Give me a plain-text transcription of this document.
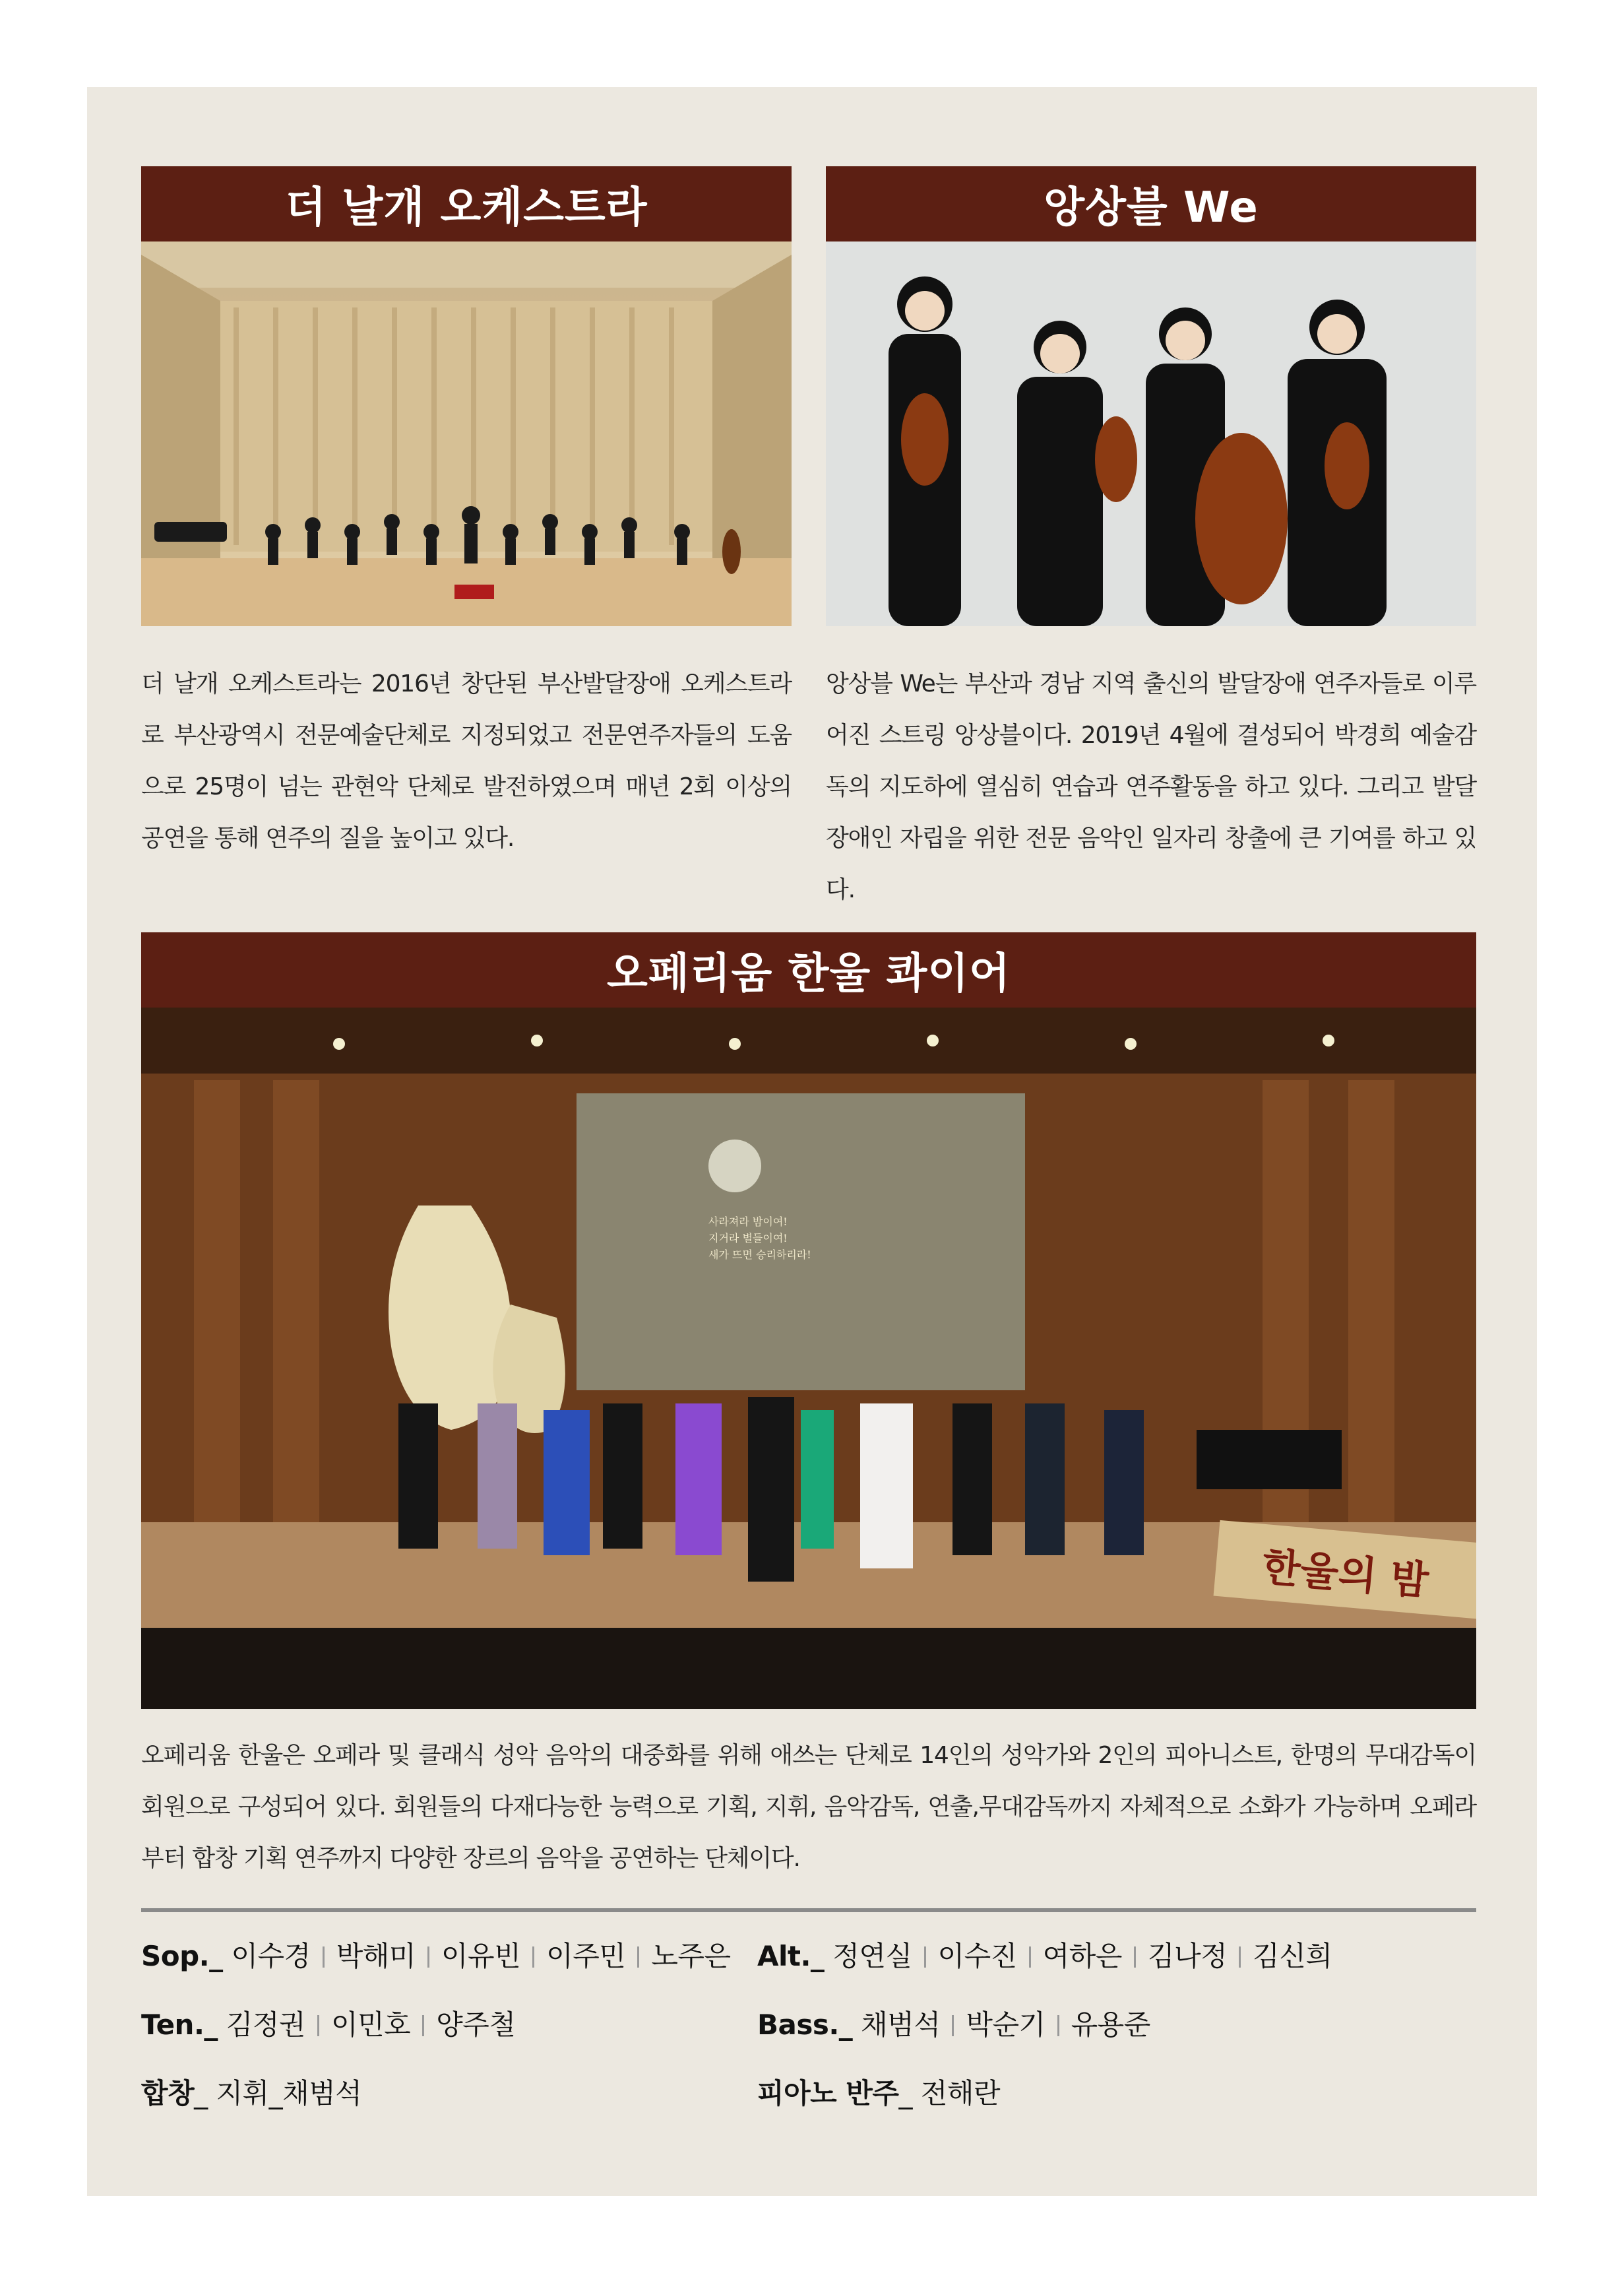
더 날개 오케스트라
더 날개 오케스트라는 2016년 창단된 부산발달장애 오케스트라로 부산광역시 전문예술단체로 지정되었고 전문연주자들의 도움으로 25명이 넘는 관현악 단체로 발전하였으며 매년 2회 이상의 공연을 통해 연주의 질을 높이고 있다.
앙상블 We
앙상블 We는 부산과 경남 지역 출신의 발달장애 연주자들로 이루어진 스트링 앙상블이다. 2019년 4월에 결성되어 박경희 예술감독의 지도하에 열심히 연습과 연주활동을 하고 있다. 그리고 발달장애인 자립을 위한 전문 음악인 일자리 창출에 큰 기여를 하고 있다.
오페리움 한울 콰이어
사라져라 밤이여!
지거라 별들이여!
새가 뜨면 승리하리라!
한울의 밤
오페리움 한울은 오페라 및 클래식 성악 음악의 대중화를 위해 애쓰는 단체로 14인의 성악가와 2인의 피아니스트, 한명의 무대감독이 회원으로 구성되어 있다. 회원들의 다재다능한 능력으로 기획, 지휘, 음악감독, 연출,무대감독까지 자체적으로 소화가 가능하며 오페라부터 합창 기획 연주까지 다양한 장르의 음악을 공연하는 단체이다.
Sop._ 이수경 박해미 이유빈 이주민 노주은 Alt._ 정연실 이수진 여하은 김나정 김신희
Ten._ 김정권 이민호 양주철	Bass._ 채범석 박순기 유용준
합창_ 지휘_채범석	피아노 반주_ 전해란
